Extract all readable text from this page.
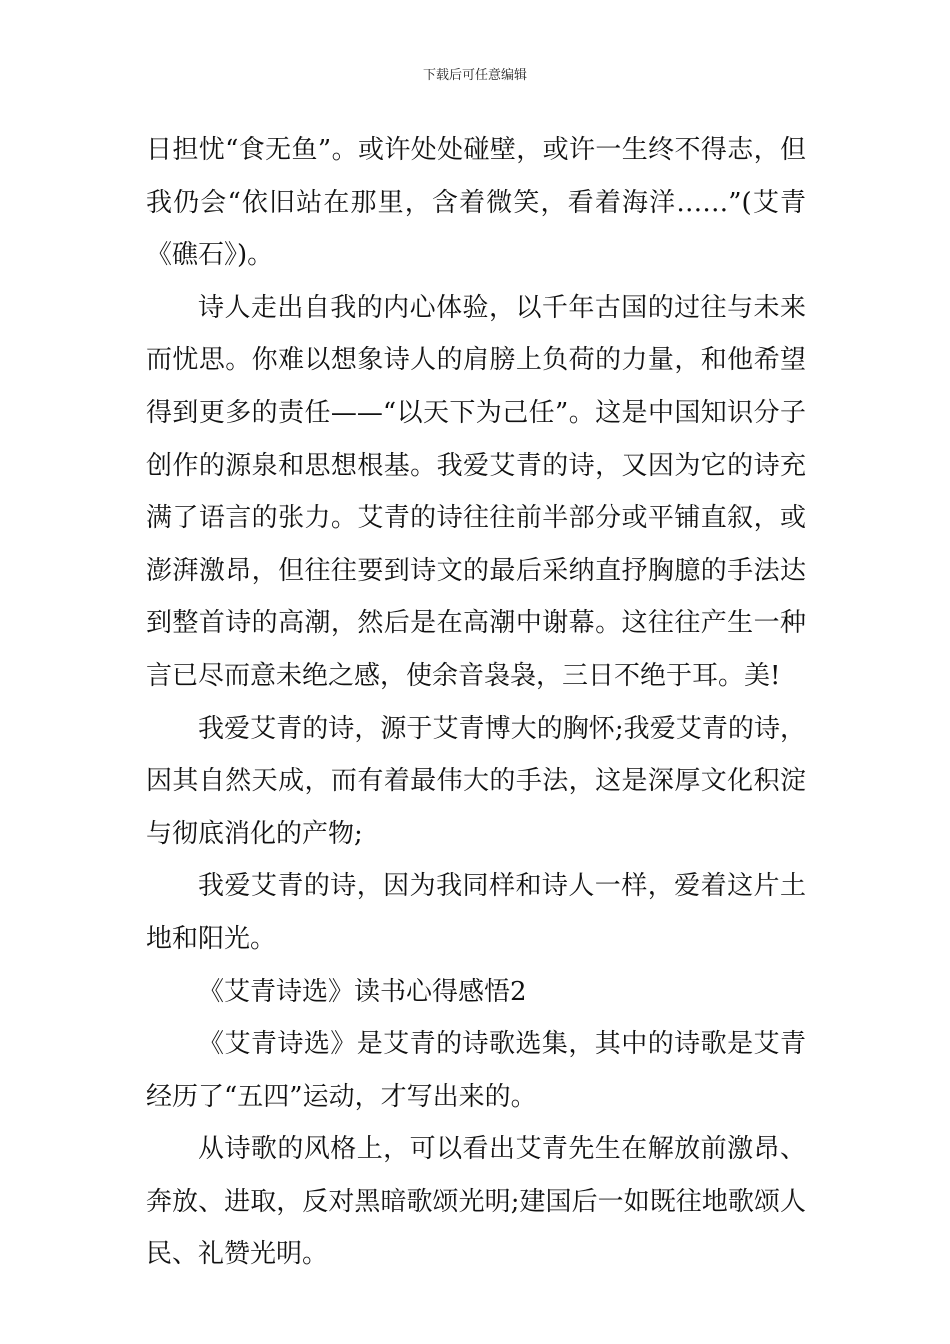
下载后可任意编辑

日担忧“食无鱼”。或许处处碰壁，或许一生终不得志，但我仍会“依旧站在那里，含着微笑，看着海洋……”(艾青《礁石》)。

诗人走出自我的内心体验，以千年古国的过往与未来而忧思。你难以想象诗人的肩膀上负荷的力量，和他希望得到更多的责任——“以天下为己任”。这是中国知识分子创作的源泉和思想根基。我爱艾青的诗，又因为它的诗充满了语言的张力。艾青的诗往往前半部分或平铺直叙，或澎湃激昂，但往往要到诗文的最后采纳直抒胸臆的手法达到整首诗的高潮，然后是在高潮中谢幕。这往往产生一种言已尽而意未绝之感，使余音袅袅，三日不绝于耳。美!

我爱艾青的诗，源于艾青博大的胸怀;我爱艾青的诗，因其自然天成，而有着最伟大的手法，这是深厚文化积淀与彻底消化的产物;

我爱艾青的诗，因为我同样和诗人一样，爱着这片土地和阳光。

《艾青诗选》读书心得感悟2

《艾青诗选》是艾青的诗歌选集，其中的诗歌是艾青经历了“五四”运动，才写出来的。

从诗歌的风格上，可以看出艾青先生在解放前激昂、奔放、进取，反对黑暗歌颂光明;建国后一如既往地歌颂人民、礼赞光明。
